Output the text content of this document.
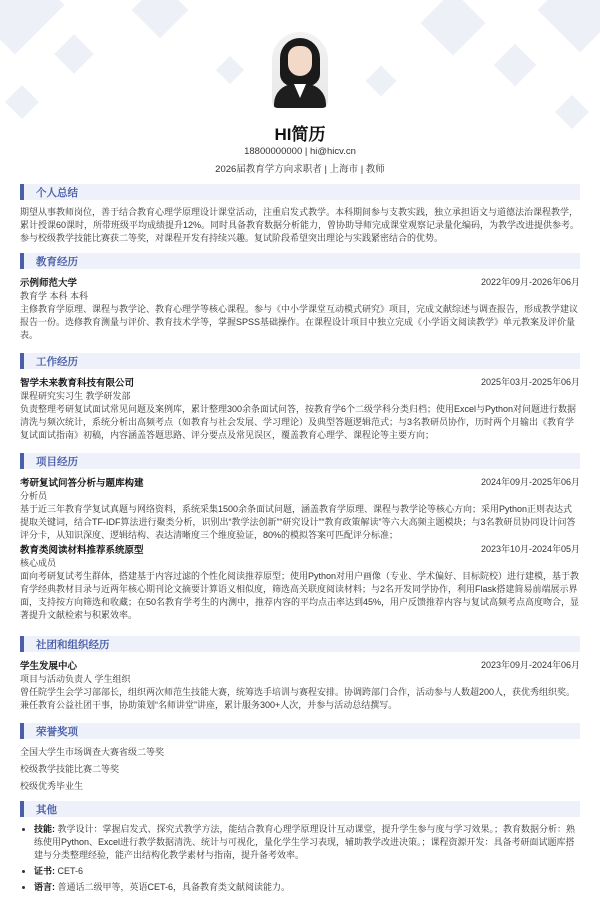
HI简历
18800000000 | hi@hicv.cn
2026届教育学方向求职者 | 上海市 | 教师
个人总结

期望从事教师岗位，善于结合教育心理学原理设计课堂活动，注重启发式教学。本科期间参与支教实践，独立承担语文与道德法治课程教学，累计授课60课时，所带班级平均成绩提升12%。同时具备教育数据分析能力，曾协助导师完成课堂观察记录量化编码，为教学改进提供参考。参与校级教学技能比赛获二等奖，对课程开发有持续兴趣。复试阶段希望突出理论与实践紧密结合的优势。

教育经历
示例师范大学	2022年09月-2026年06月
教育学 本科 本科

主修教育学原理、课程与教学论、教育心理学等核心课程。参与《中小学课堂互动模式研究》项目，完成文献综述与调查报告，形成教学建议报告一份。选修教育测量与评价、教育技术学等，掌握SPSS基础操作。在课程设计项目中独立完成《小学语文阅读教学》单元教案及评价量表。

工作经历
智学未来教育科技有限公司	2025年03月-2025年06月
课程研究实习生 教学研发部

负责整理考研复试面试常见问题及案例库，累计整理300余条面试问答，按教育学6个二级学科分类归档；使用Excel与Python对问题进行数据清洗与频次统计，系统分析出高频考点（如教育与社会发展、学习理论）及典型答题逻辑范式；与3名教研员协作，历时两个月输出《教育学复试面试指南》初稿，内容涵盖答题思路、评分要点及常见误区，覆盖教育心理学、课程论等主要方向；

项目经历
考研复试问答分析与题库构建	2024年09月-2025年06月
分析员

基于近三年教育学复试真题与网络资料，系统采集1500余条面试问题，涵盖教育学原理、课程与教学论等核心方向；采用Python正则表达式提取关键词，结合TF-IDF算法进行聚类分析，识别出“教学法创新”“研究设计”“教育政策解读”等六大高频主题模块；与3名教研员协同设计问答评分卡，从知识深度、逻辑结构、表达清晰度三个维度验证，80%的模拟答案可匹配评分标准；

教育类阅读材料推荐系统原型	2023年10月-2024年05月
核心成员

面向考研复试考生群体，搭建基于内容过滤的个性化阅读推荐原型；使用Python对用户画像（专业、学术偏好、目标院校）进行建模，基于教育学经典教材目录与近两年核心期刊论文摘要计算语义相似度，筛选高关联度阅读材料；与2名开发同学协作，利用Flask搭建简易前端展示界面，支持按方向筛选和收藏；在50名教育学考生的内测中，推荐内容的平均点击率达到45%，用户反馈推荐内容与复试高频考点高度吻合，显著提升文献检索与积累效率。

社团和组织经历
学生发展中心	2023年09月-2024年06月
项目与活动负责人 学生组织

曾任院学生会学习部部长，组织两次师范生技能大赛，统筹选手培训与赛程安排。协调跨部门合作，活动参与人数超200人，获优秀组织奖。兼任教育公益社团干事，协助策划“名师讲堂”讲座，累计服务300+人次，并参与活动总结撰写。

荣誉奖项
全国大学生市场调查大赛省级二等奖
校级教学技能比赛二等奖
校级优秀毕业生
其他
• 技能: 教学设计：掌握启发式、探究式教学方法，能结合教育心理学原理设计互动课堂，提升学生参与度与学习效果。；教育数据分析：熟练使用Python、Excel进行教学数据清洗、统计与可视化，量化学生学习表现，辅助教学改进决策。；课程资源开发：具备考研面试题库搭建与分类整理经验，能产出结构化教学素材与指南，提升备考效率。
• 证书: CET-6
• 语言: 普通话二级甲等，英语CET-6，具备教育类文献阅读能力。
